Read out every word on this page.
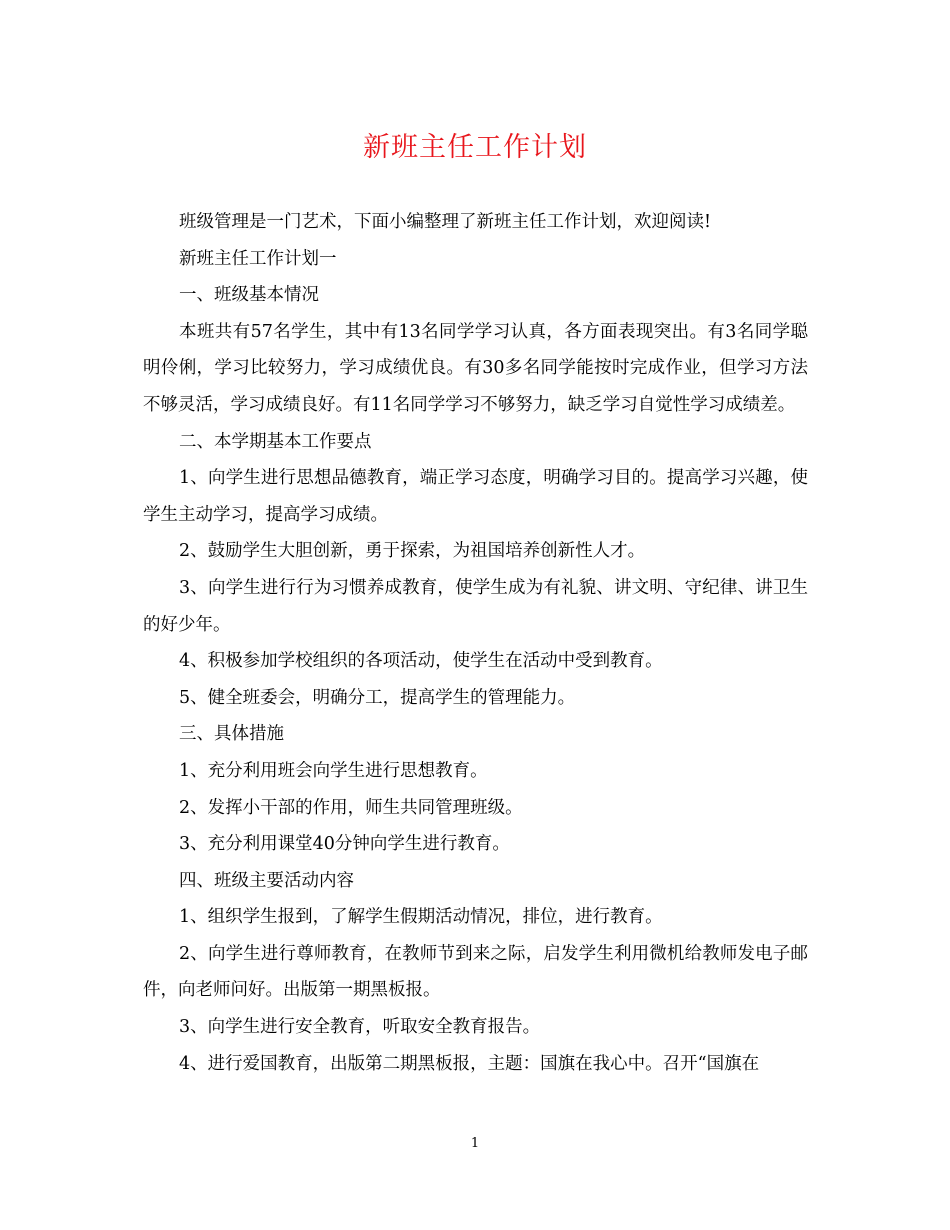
新班主任工作计划

班级管理是一门艺术，下面小编整理了新班主任工作计划，欢迎阅读!

新班主任工作计划一

一、班级基本情况

本班共有57名学生，其中有13名同学学习认真，各方面表现突出。有3名同学聪明伶俐，学习比较努力，学习成绩优良。有30多名同学能按时完成作业，但学习方法不够灵活，学习成绩良好。有11名同学学习不够努力，缺乏学习自觉性学习成绩差。

二、本学期基本工作要点

1、向学生进行思想品德教育，端正学习态度，明确学习目的。提高学习兴趣，使学生主动学习，提高学习成绩。

2、鼓励学生大胆创新，勇于探索，为祖国培养创新性人才。

3、向学生进行行为习惯养成教育，使学生成为有礼貌、讲文明、守纪律、讲卫生的好少年。

4、积极参加学校组织的各项活动，使学生在活动中受到教育。

5、健全班委会，明确分工，提高学生的管理能力。

三、具体措施

1、充分利用班会向学生进行思想教育。

2、发挥小干部的作用，师生共同管理班级。

3、充分利用课堂40分钟向学生进行教育。

四、班级主要活动内容

1、组织学生报到，了解学生假期活动情况，排位，进行教育。

2、向学生进行尊师教育，在教师节到来之际，启发学生利用微机给教师发电子邮件，向老师问好。出版第一期黑板报。

3、向学生进行安全教育，听取安全教育报告。

4、进行爱国教育，出版第二期黑板报，主题：国旗在我心中。召开“国旗在

1
